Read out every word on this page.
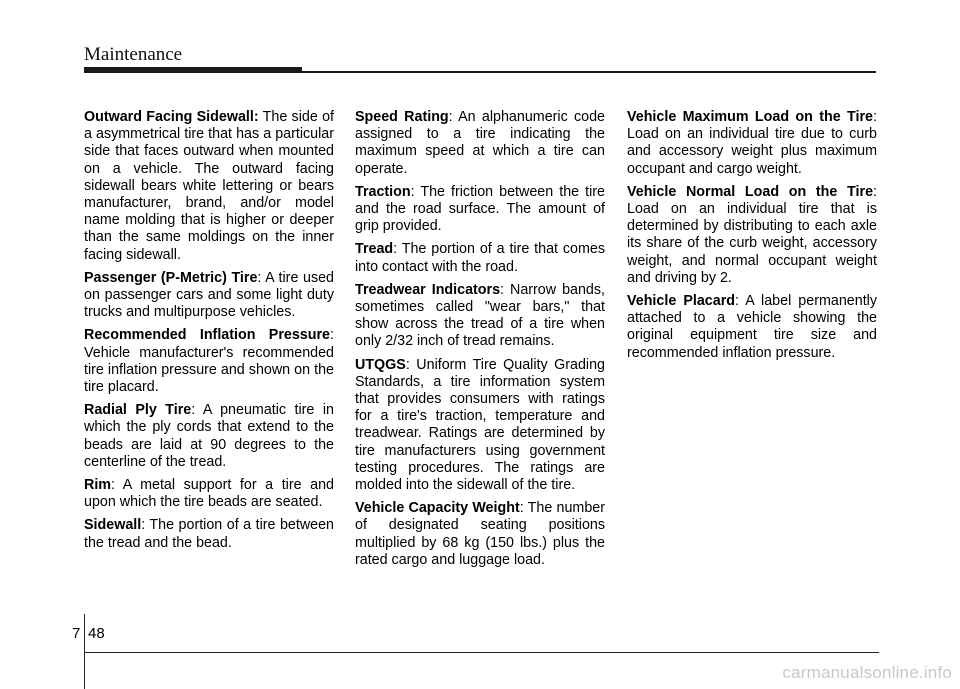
Maintenance

Outward Facing Sidewall: The side of a asymmetrical tire that has a particular side that faces outward when mounted on a vehicle. The outward facing sidewall bears white lettering or bears manufacturer, brand, and/or model name molding that is higher or deeper than the same moldings on the inner facing sidewall.

Passenger (P-Metric) Tire: A tire used on passenger cars and some light duty trucks and multipurpose vehicles.

Recommended Inflation Pressure: Vehicle manufacturer's recommended tire inflation pressure and shown on the tire placard.

Radial Ply Tire: A pneumatic tire in which the ply cords that extend to the beads are laid at 90 degrees to the centerline of the tread.

Rim: A metal support for a tire and upon which the tire beads are seated.

Sidewall: The portion of a tire between the tread and the bead.

Speed Rating: An alphanumeric code assigned to a tire indicating the maximum speed at which a tire can operate.

Traction: The friction between the tire and the road surface. The amount of grip provided.

Tread: The portion of a tire that comes into contact with the road.

Treadwear Indicators: Narrow bands, sometimes called "wear bars," that show across the tread of a tire when only 2/32 inch of tread remains.

UTQGS: Uniform Tire Quality Grading Standards, a tire information system that provides consumers with ratings for a tire's traction, temperature and treadwear. Ratings are determined by tire manufacturers using government testing procedures. The ratings are molded into the sidewall of the tire.

Vehicle Capacity Weight: The number of designated seating positions multiplied by 68 kg (150 lbs.) plus the rated cargo and luggage load.

Vehicle Maximum Load on the Tire: Load on an individual tire due to curb and accessory weight plus maximum occupant and cargo weight.

Vehicle Normal Load on the Tire: Load on an individual tire that is determined by distributing to each axle its share of the curb weight, accessory weight, and normal occupant weight and driving by 2.

Vehicle Placard: A label permanently attached to a vehicle showing the original equipment tire size and recommended inflation pressure.

7 48
carmanualsonline.info
